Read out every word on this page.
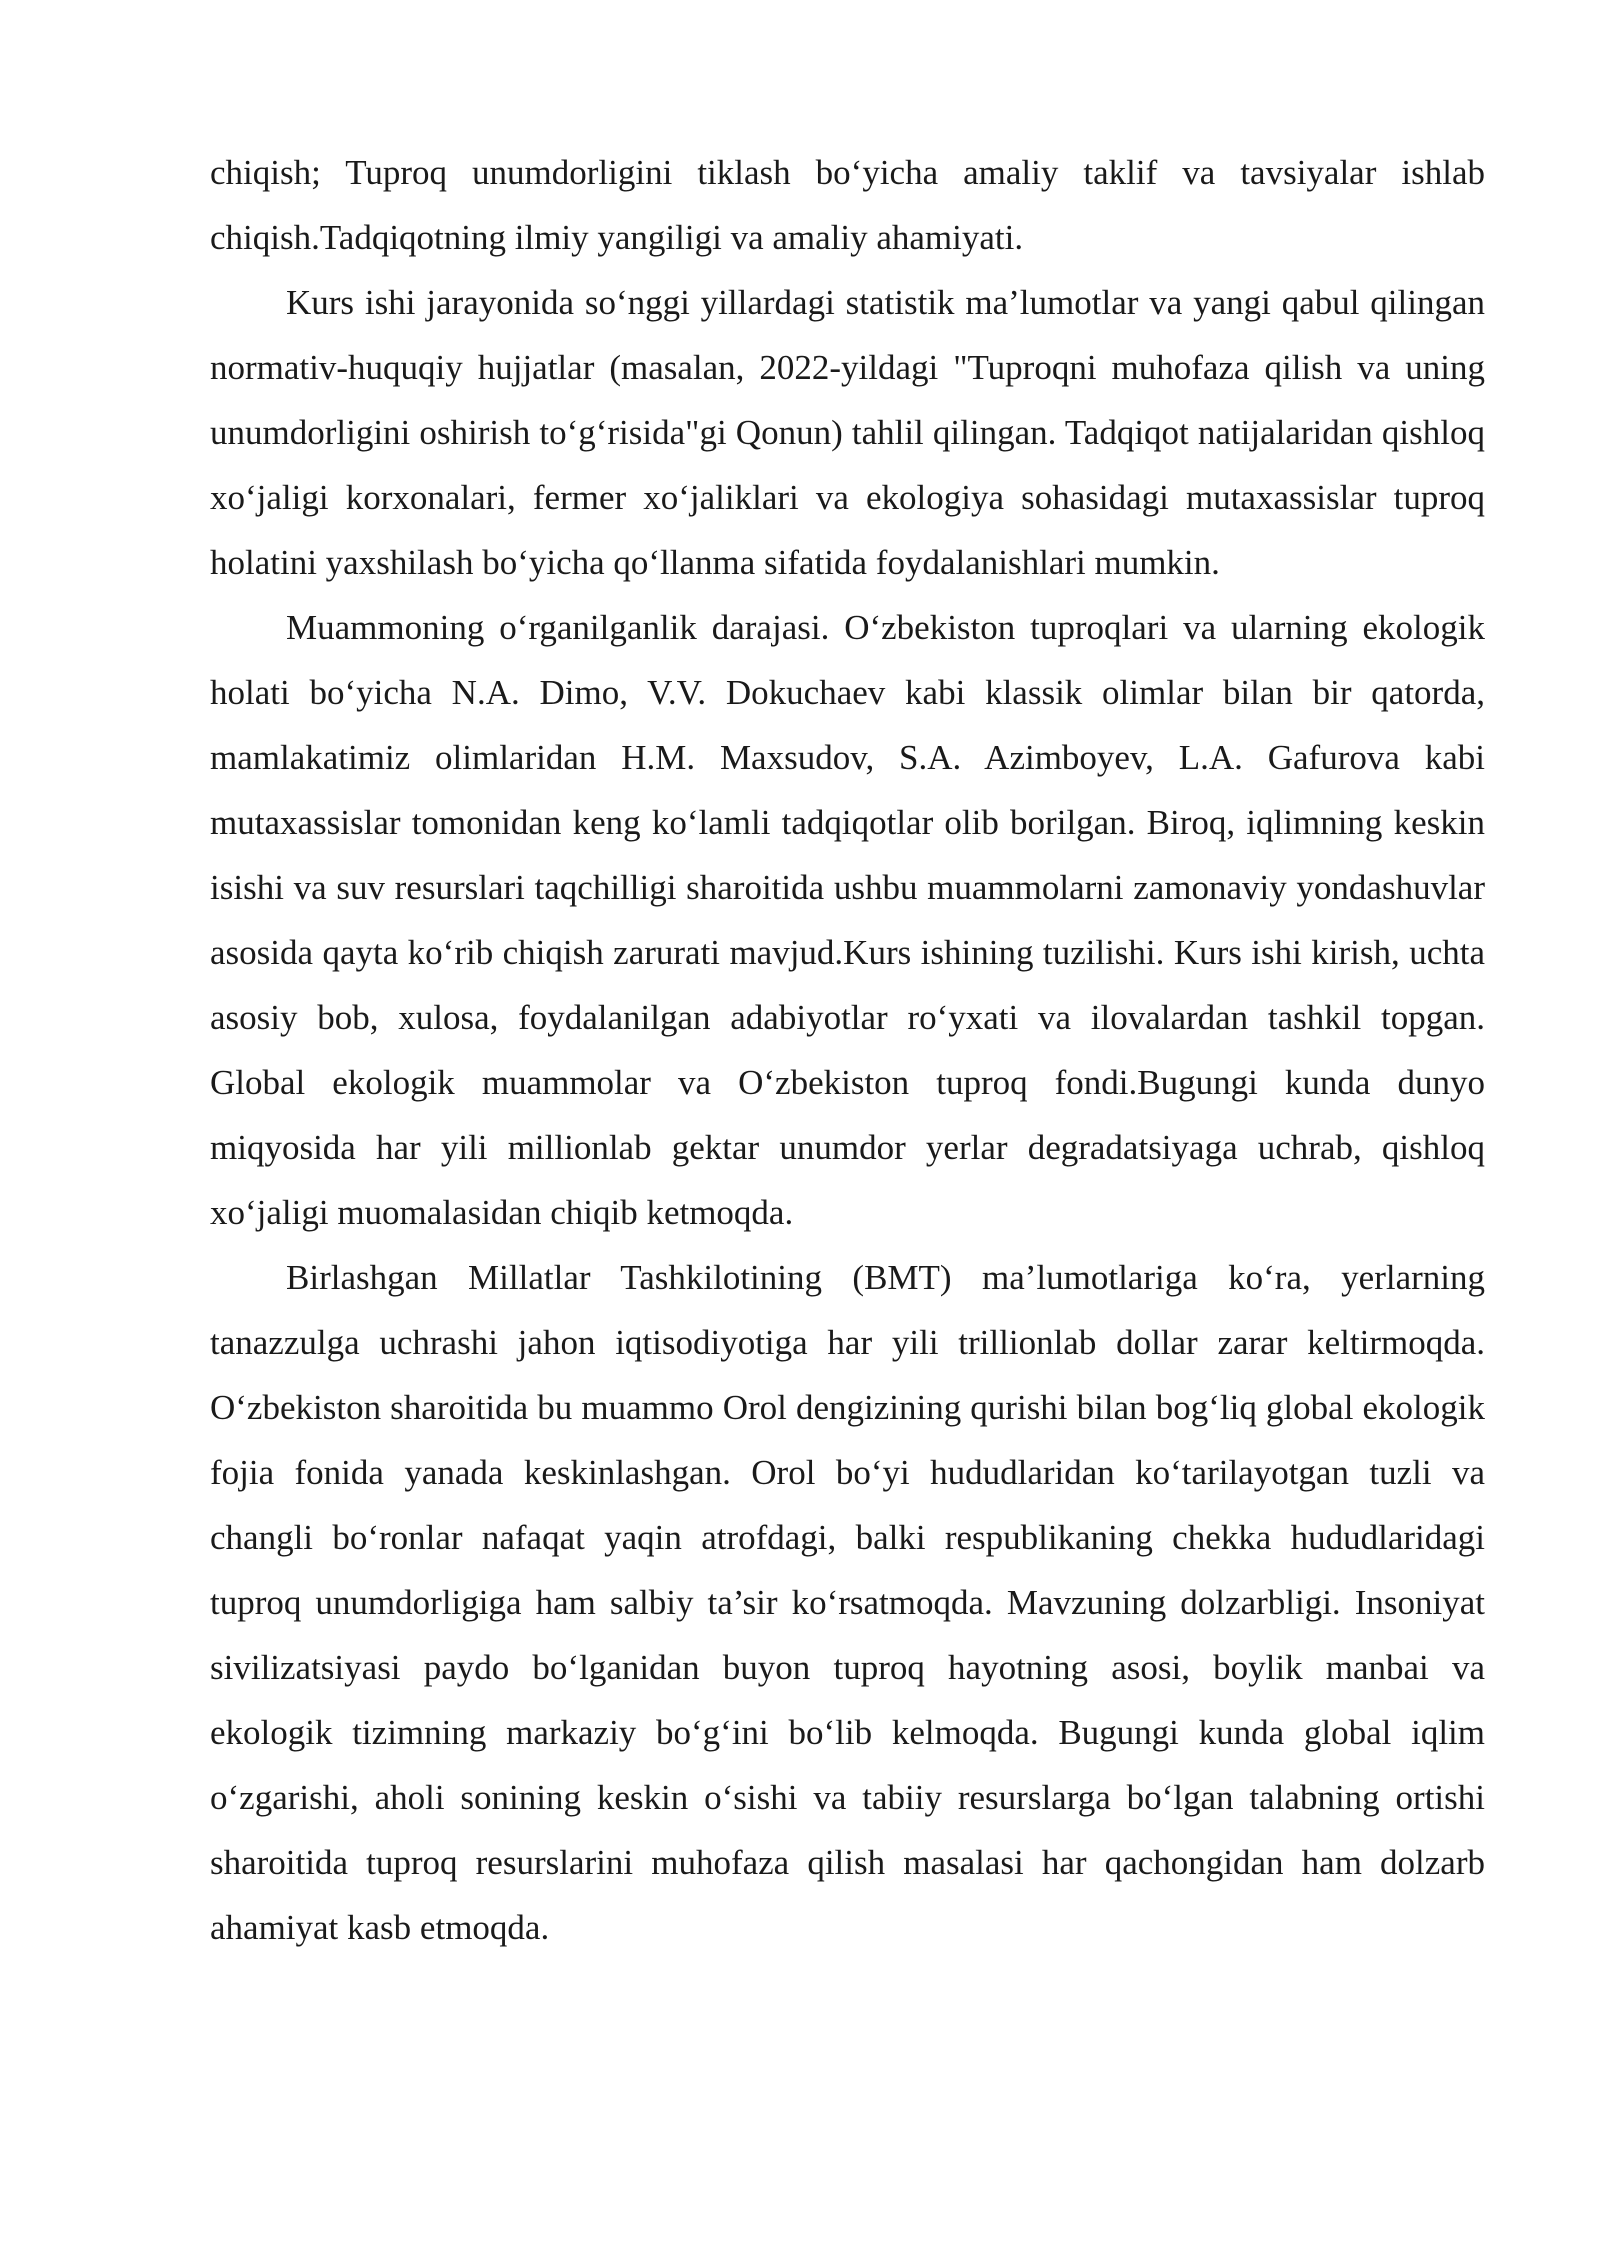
chiqish; Tuproq unumdorligini tiklash bo‘yicha amaliy taklif va tavsiyalar ishlab chiqish.Tadqiqotning ilmiy yangiligi va amaliy ahamiyati.

Kurs ishi jarayonida so‘nggi yillardagi statistik ma’lumotlar va yangi qabul qilingan normativ-huquqiy hujjatlar (masalan, 2022-yildagi "Tuproqni muhofaza qilish va uning unumdorligini oshirish to‘g‘risida"gi Qonun) tahlil qilingan. Tadqiqot natijalaridan qishloq xo‘jaligi korxonalari, fermer xo‘jaliklari va ekologiya sohasidagi mutaxassislar tuproq holatini yaxshilash bo‘yicha qo‘llanma sifatida foydalanishlari mumkin.

Muammoning o‘rganilganlik darajasi. O‘zbekiston tuproqlari va ularning ekologik holati bo‘yicha N.A. Dimo, V.V. Dokuchaev kabi klassik olimlar bilan bir qatorda, mamlakatimiz olimlaridan H.M. Maxsudov, S.A. Azimboyev, L.A. Gafurova kabi mutaxassislar tomonidan keng ko‘lamli tadqiqotlar olib borilgan. Biroq, iqlimning keskin isishi va suv resurslari taqchilligi sharoitida ushbu muammolarni zamonaviy yondashuvlar asosida qayta ko‘rib chiqish zarurati mavjud.Kurs ishining tuzilishi. Kurs ishi kirish, uchta asosiy bob, xulosa, foydalanilgan adabiyotlar ro‘yxati va ilovalardan tashkil topgan. Global ekologik muammolar va O‘zbekiston tuproq fondi.Bugungi kunda dunyo miqyosida har yili millionlab gektar unumdor yerlar degradatsiyaga uchrab, qishloq xo‘jaligi muomalasidan chiqib ketmoqda.

Birlashgan Millatlar Tashkilotining (BMT) ma’lumotlariga ko‘ra, yerlarning tanazzulga uchrashi jahon iqtisodiyotiga har yili trillionlab dollar zarar keltirmoqda. O‘zbekiston sharoitida bu muammo Orol dengizining qurishi bilan bog‘liq global ekologik fojia fonida yanada keskinlashgan. Orol bo‘yi hududlaridan ko‘tarilayotgan tuzli va changli bo‘ronlar nafaqat yaqin atrofdagi, balki respublikaning chekka hududlaridagi tuproq unumdorligiga ham salbiy ta’sir ko‘rsatmoqda. Mavzuning dolzarbligi. Insoniyat sivilizatsiyasi paydo bo‘lganidan buyon tuproq hayotning asosi, boylik manbai va ekologik tizimning markaziy bo‘g‘ini bo‘lib kelmoqda. Bugungi kunda global iqlim o‘zgarishi, aholi sonining keskin o‘sishi va tabiiy resurslarga bo‘lgan talabning ortishi sharoitida tuproq resurslarini muhofaza qilish masalasi har qachongidan ham dolzarb ahamiyat kasb etmoqda.
